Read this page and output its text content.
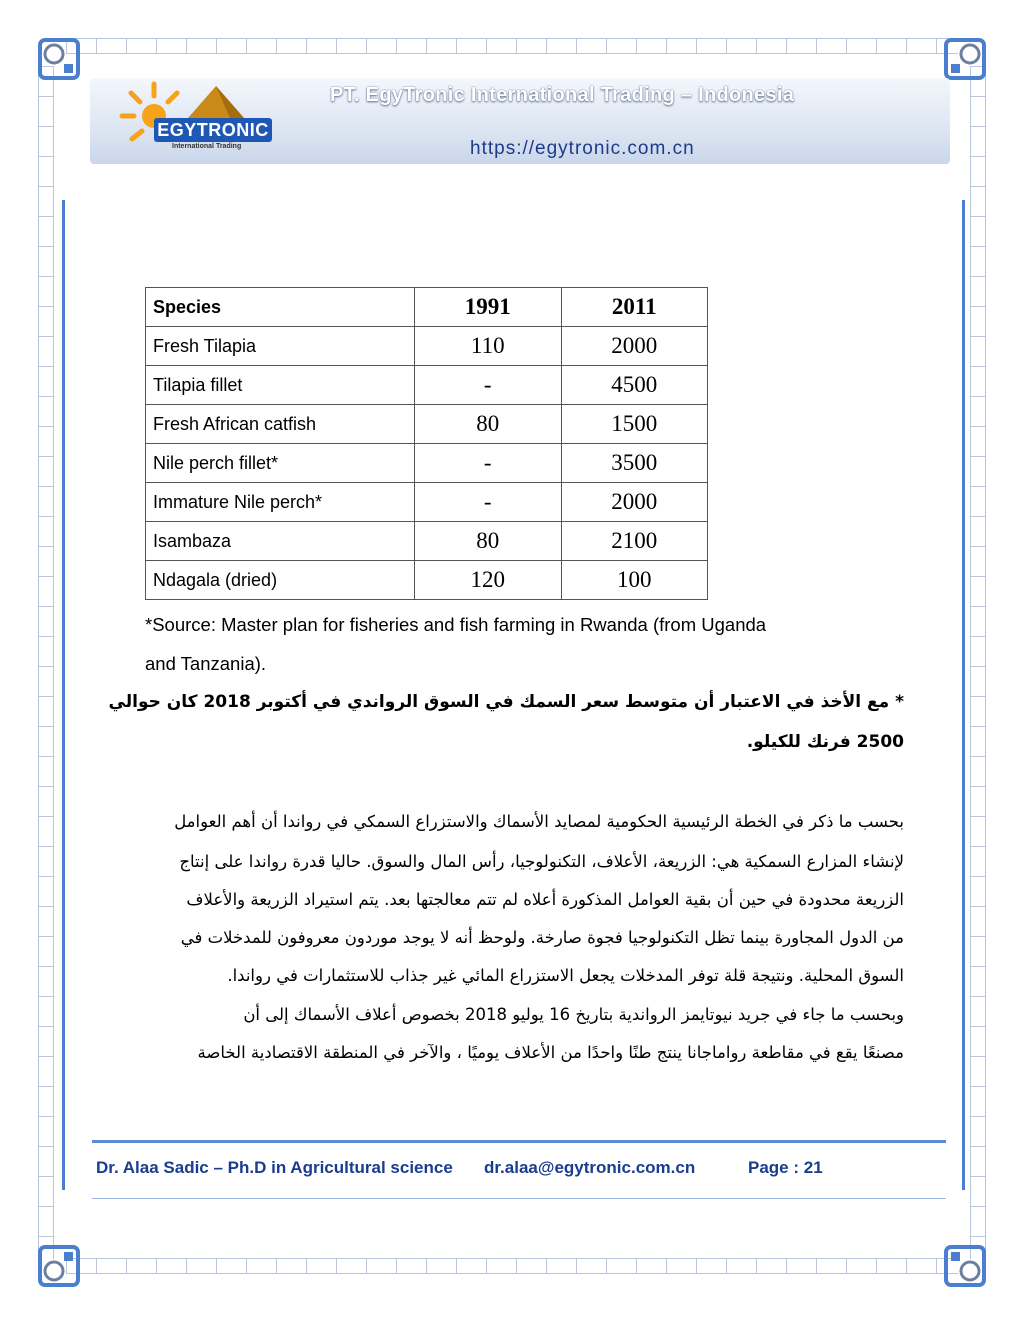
EGYTRONIC
International Trading
PT. EgyTronic International Trading – Indonesia
https://egytronic.com.cn
Species	1991	2011
Fresh Tilapia	110	2000
Tilapia fillet	-	4500
Fresh African catfish	80	1500
Nile perch fillet*	-	3500
Immature Nile perch*	-	2000
Isambaza	80	2100
Ndagala (dried)	120	100
*Source: Master plan for fisheries and fish farming in Rwanda (from Uganda
and Tanzania).
* مع الأخذ في الاعتبار أن متوسط سعر السمك في السوق الرواندي في أكتوبر 2018 كان حوالي
2500 فرنك للكيلو.
بحسب ما ذكر في الخطة الرئيسية الحكومية لمصايد الأسماك والاستزراع السمكي في رواندا أن أهم العوامل
لإنشاء المزارع السمكية هي: الزريعة، الأعلاف، التكنولوجيا، رأس المال والسوق. حاليا قدرة رواندا على إنتاج
الزريعة محدودة في حين أن بقية العوامل المذكورة أعلاه لم تتم معالجتها بعد. يتم استيراد الزريعة والأعلاف
من الدول المجاورة بينما تظل التكنولوجيا فجوة صارخة. ولوحظ أنه لا يوجد موردون معروفون للمدخلات في
السوق المحلية. ونتيجة قلة توفر المدخلات يجعل الاستزراع المائي غير جذاب للاستثمارات في رواندا.
وبحسب ما جاء في جريد نيوتايمز الرواندية بتاريخ 16 يوليو 2018 بخصوص أعلاف الأسماك إلى أن
مصنعًا يقع في مقاطعة رواماجانا ينتج طنًا واحدًا من الأعلاف يوميًا ، والآخر في المنطقة الاقتصادية الخاصة
Dr. Alaa Sadic – Ph.D in Agricultural science dr.alaa@egytronic.com.cn	Page : 21
